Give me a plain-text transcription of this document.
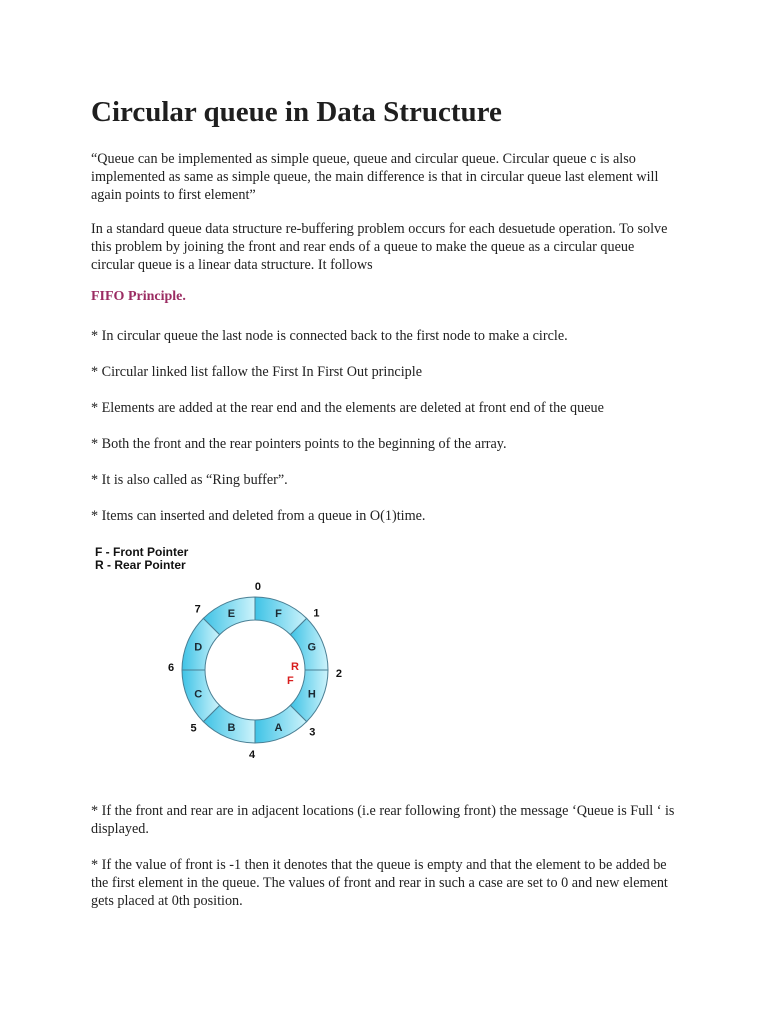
Circular queue in Data Structure

“Queue can be implemented as simple queue, queue and circular queue. Circular queue c is also implemented as same as simple queue, the main difference is that in circular queue last element will again points to first element”

In a standard queue data structure re-buffering problem occurs for each desuetude operation. To solve this problem by joining the front and rear ends of a queue to make the queue as a circular queue circular queue is a linear data structure. It follows

FIFO Principle.
* In circular queue the last node is connected back to the first node to make a circle.
* Circular linked list fallow the First In First Out principle
* Elements are added at the rear end and the elements are deleted at front end of the queue
* Both the front and the rear pointers points to the beginning of the array.
* It is also called as “Ring buffer”.
* Items can inserted and deleted from a queue in O(1)time.
F - Front Pointer
R - Rear Pointer
F
0
G
1
H
2
A 3
B
4
C
5
D
6
E
7
R
F

* If the front and rear are in adjacent locations (i.e rear following front) the message ‘Queue is Full ‘ is displayed.

* If the value of front is -1 then it denotes that the queue is empty and that the element to be added be the first element in the queue. The values of front and rear in such a case are set to 0 and new element gets placed at 0th position.
